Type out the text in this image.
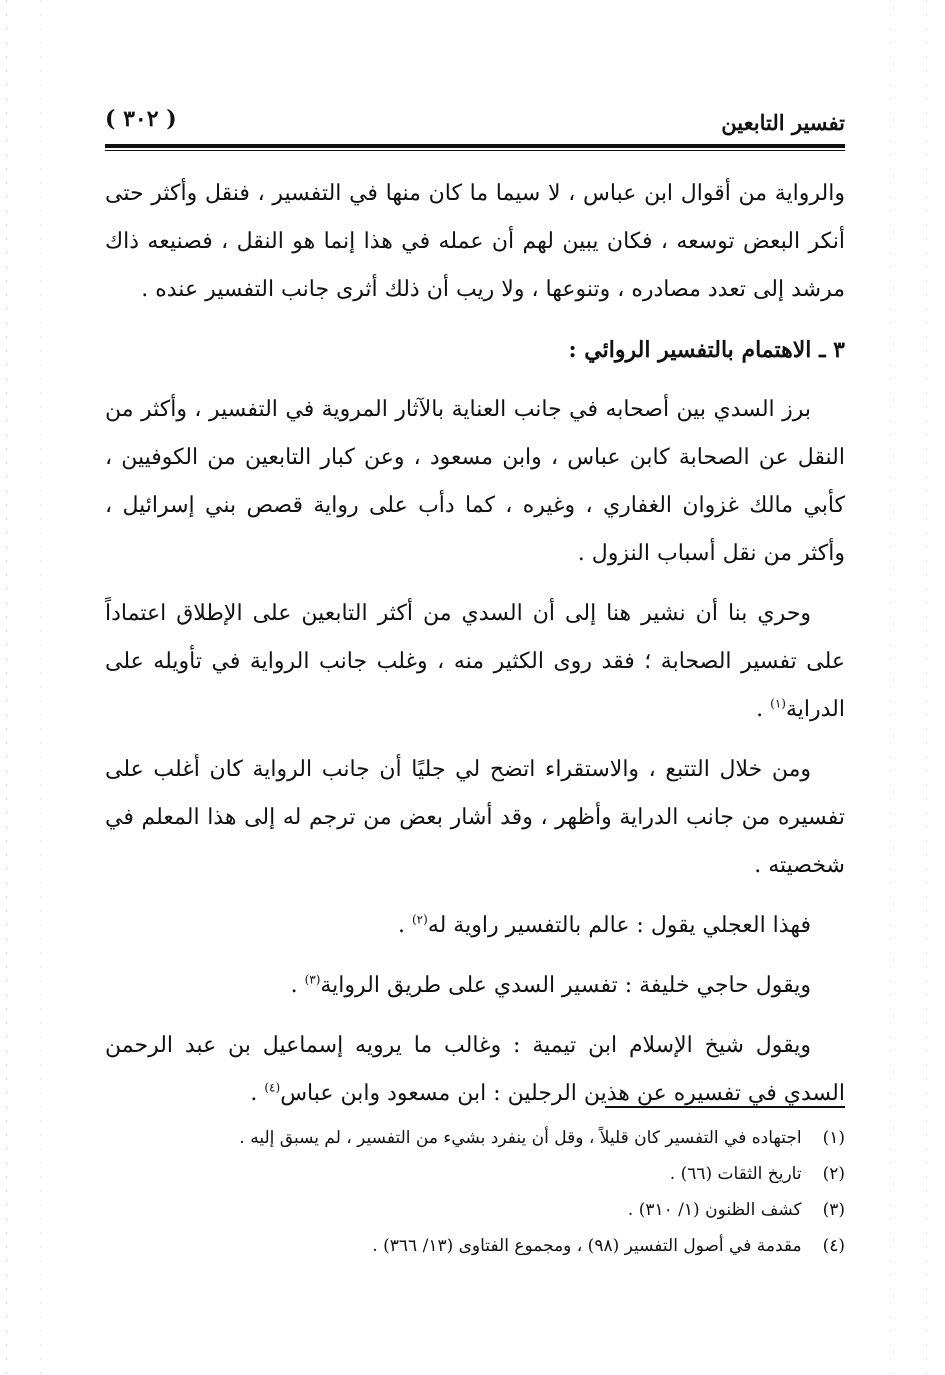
تفسير التابعين
( ٣٠٢ )

والرواية من أقوال ابن عباس ، لا سيما ما كان منها في التفسير ، فنقل وأكثر حتى أنكر البعض توسعه ، فكان يبين لهم أن عمله في هذا إنما هو النقل ، فصنيعه ذاك مرشد إلى تعدد مصادره ، وتنوعها ، ولا ريب أن ذلك أثرى جانب التفسير عنده .

٣ ـ الاهتمام بالتفسير الروائي :

برز السدي بين أصحابه في جانب العناية بالآثار المروية في التفسير ، وأكثر من النقل عن الصحابة كابن عباس ، وابن مسعود ، وعن كبار التابعين من الكوفيين ، كأبي مالك غزوان الغفاري ، وغيره ، كما دأب على رواية قصص بني إسرائيل ، وأكثر من نقل أسباب النزول .

وحري بنا أن نشير هنا إلى أن السدي من أكثر التابعين على الإطلاق اعتماداً على تفسير الصحابة ؛ فقد روى الكثير منه ، وغلب جانب الرواية في تأويله على الدراية$^{(١)}$ .

ومن خلال التتبع ، والاستقراء اتضح لي جليًا أن جانب الرواية كان أغلب على تفسيره من جانب الدراية وأظهر ، وقد أشار بعض من ترجم له إلى هذا المعلم في شخصيته .

فهذا العجلي يقول : عالم بالتفسير راوية له$^{(٢)}$ .

ويقول حاجي خليفة : تفسير السدي على طريق الرواية$^{(٣)}$ .

ويقول شيخ الإسلام ابن تيمية : وغالب ما يرويه إسماعيل بن عبد الرحمن السدي في تفسيره عن هذين الرجلين : ابن مسعود وابن عباس$^{(٤)}$ .

(١) اجتهاده في التفسير كان قليلاً ، وقل أن ينفرد بشيء من التفسير ، لم يسبق إليه .
(٢) تاريخ الثقات (٦٦) .
(٣) كشف الظنون (١/ ٣١٠) .
(٤) مقدمة في أصول التفسير (٩٨) ، ومجموع الفتاوى (١٣/ ٣٦٦) .
